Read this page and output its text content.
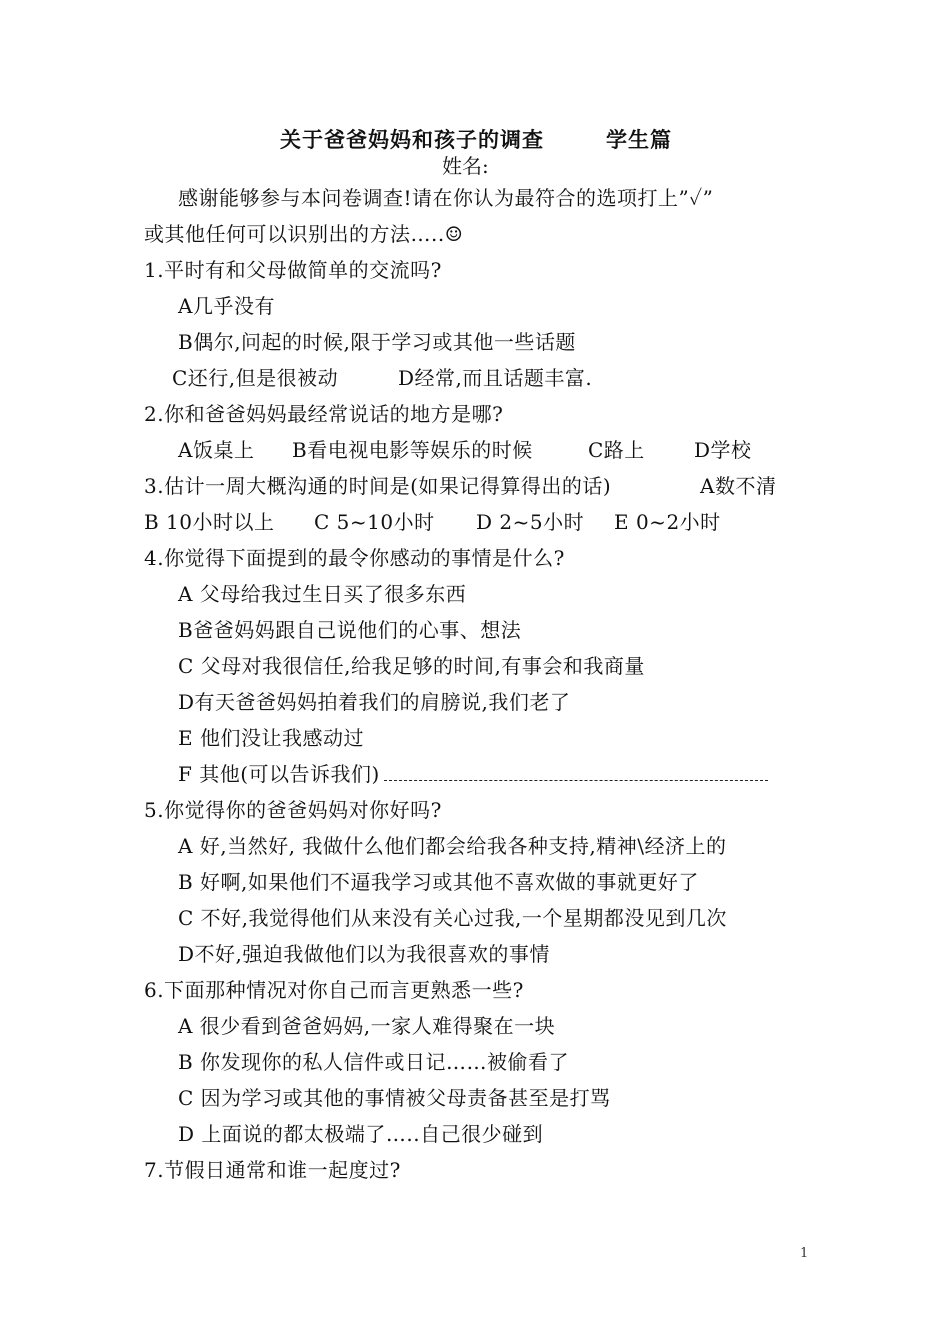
关于爸爸妈妈和孩子的调查	学生篇
姓名:
感谢能够参与本问卷调查!请在你认为最符合的选项打上”✓”
或其他任何可以识别出的方法…..☺
1.平时有和父母做简单的交流吗?
A几乎没有
B偶尔,问起的时候,限于学习或其他一些话题
C还行,但是很被动	D经常,而且话题丰富.
2.你和爸爸妈妈最经常说话的地方是哪?
A饭桌上 B看电视电影等娱乐的时候	C路上 D学校
3.估计一周大概沟通的时间是(如果记得算得出的话)	A数不清
B 10小时以上 C 5~10小时 D 2~5小时 E 0~2小时
4.你觉得下面提到的最令你感动的事情是什么?
A 父母给我过生日买了很多东西
B爸爸妈妈跟自己说他们的心事、想法
C 父母对我很信任,给我足够的时间,有事会和我商量
D有天爸爸妈妈拍着我们的肩膀说,我们老了
E 他们没让我感动过
F 其他(可以告诉我们)
5.你觉得你的爸爸妈妈对你好吗?
A 好,当然好, 我做什么他们都会给我各种支持,精神\经济上的
B 好啊,如果他们不逼我学习或其他不喜欢做的事就更好了
C 不好,我觉得他们从来没有关心过我,一个星期都没见到几次
D不好,强迫我做他们以为我很喜欢的事情
6.下面那种情况对你自己而言更熟悉一些?
A 很少看到爸爸妈妈,一家人难得聚在一块
B 你发现你的私人信件或日记……被偷看了
C 因为学习或其他的事情被父母责备甚至是打骂
D 上面说的都太极端了…..自己很少碰到
7.节假日通常和谁一起度过?
1
